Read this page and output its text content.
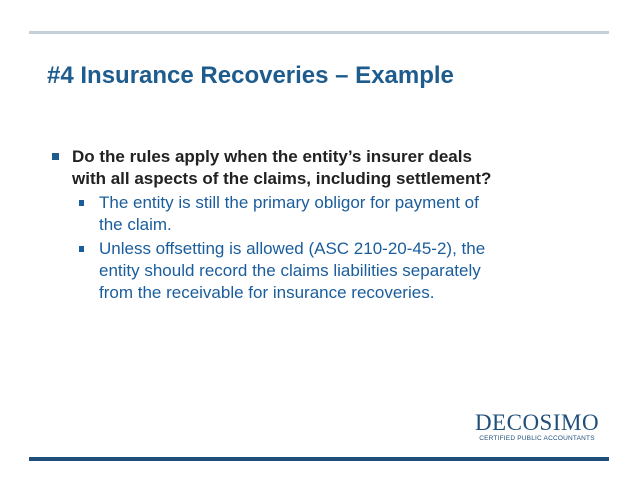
#4 Insurance Recoveries – Example
Do the rules apply when the entity’s insurer deals
with all aspects of the claims, including settlement?
The entity is still the primary obligor for payment of
the claim.
Unless offsetting is allowed (ASC 210-20-45-2), the
entity should record the claims liabilities separately
from the receivable for insurance recoveries.
DECOSIMO
CERTIFIED PUBLIC ACCOUNTANTS
